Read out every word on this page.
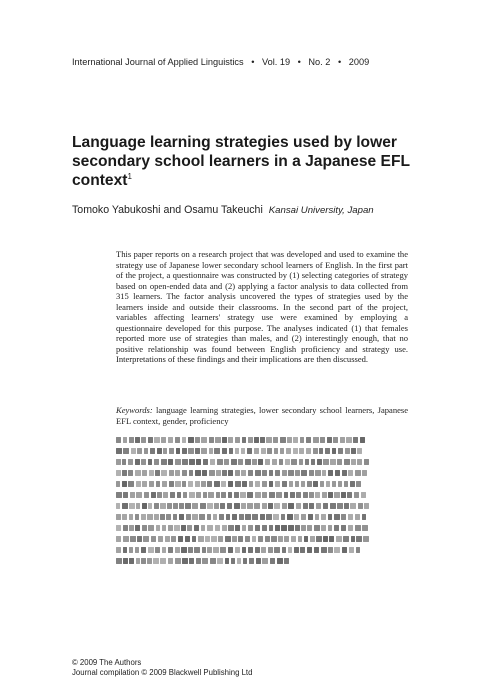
International Journal of Applied Linguistics • Vol. 19 • No. 2 • 2009
Language learning strategies used by lower secondary school learners in a Japanese EFL context$^1$
Tomoko Yabukoshi and Osamu Takeuchi Kansai University, Japan

This paper reports on a research project that was developed and used to examine the strategy use of Japanese lower secondary school learners of English. In the first part of the project, a questionnaire was constructed by (1) selecting categories of strategy based on open-ended data and (2) applying a factor analysis to data collected from 315 learners. The factor analysis uncovered the types of strategies used by the learners inside and outside their classrooms. In the second part of the project, variables affecting learners' strategy use were examined by employing a questionnaire developed for this purpose. The analyses indicated (1) that females reported more use of strategies than males, and (2) interestingly enough, that no positive relationship was found between English proficiency and strategy use. Interpretations of these findings and their implications are then discussed.

Keywords: language learning strategies, lower secondary school learners, Japanese EFL context, gender, proficiency
© 2009 The Authors
Journal compilation © 2009 Blackwell Publishing Ltd
